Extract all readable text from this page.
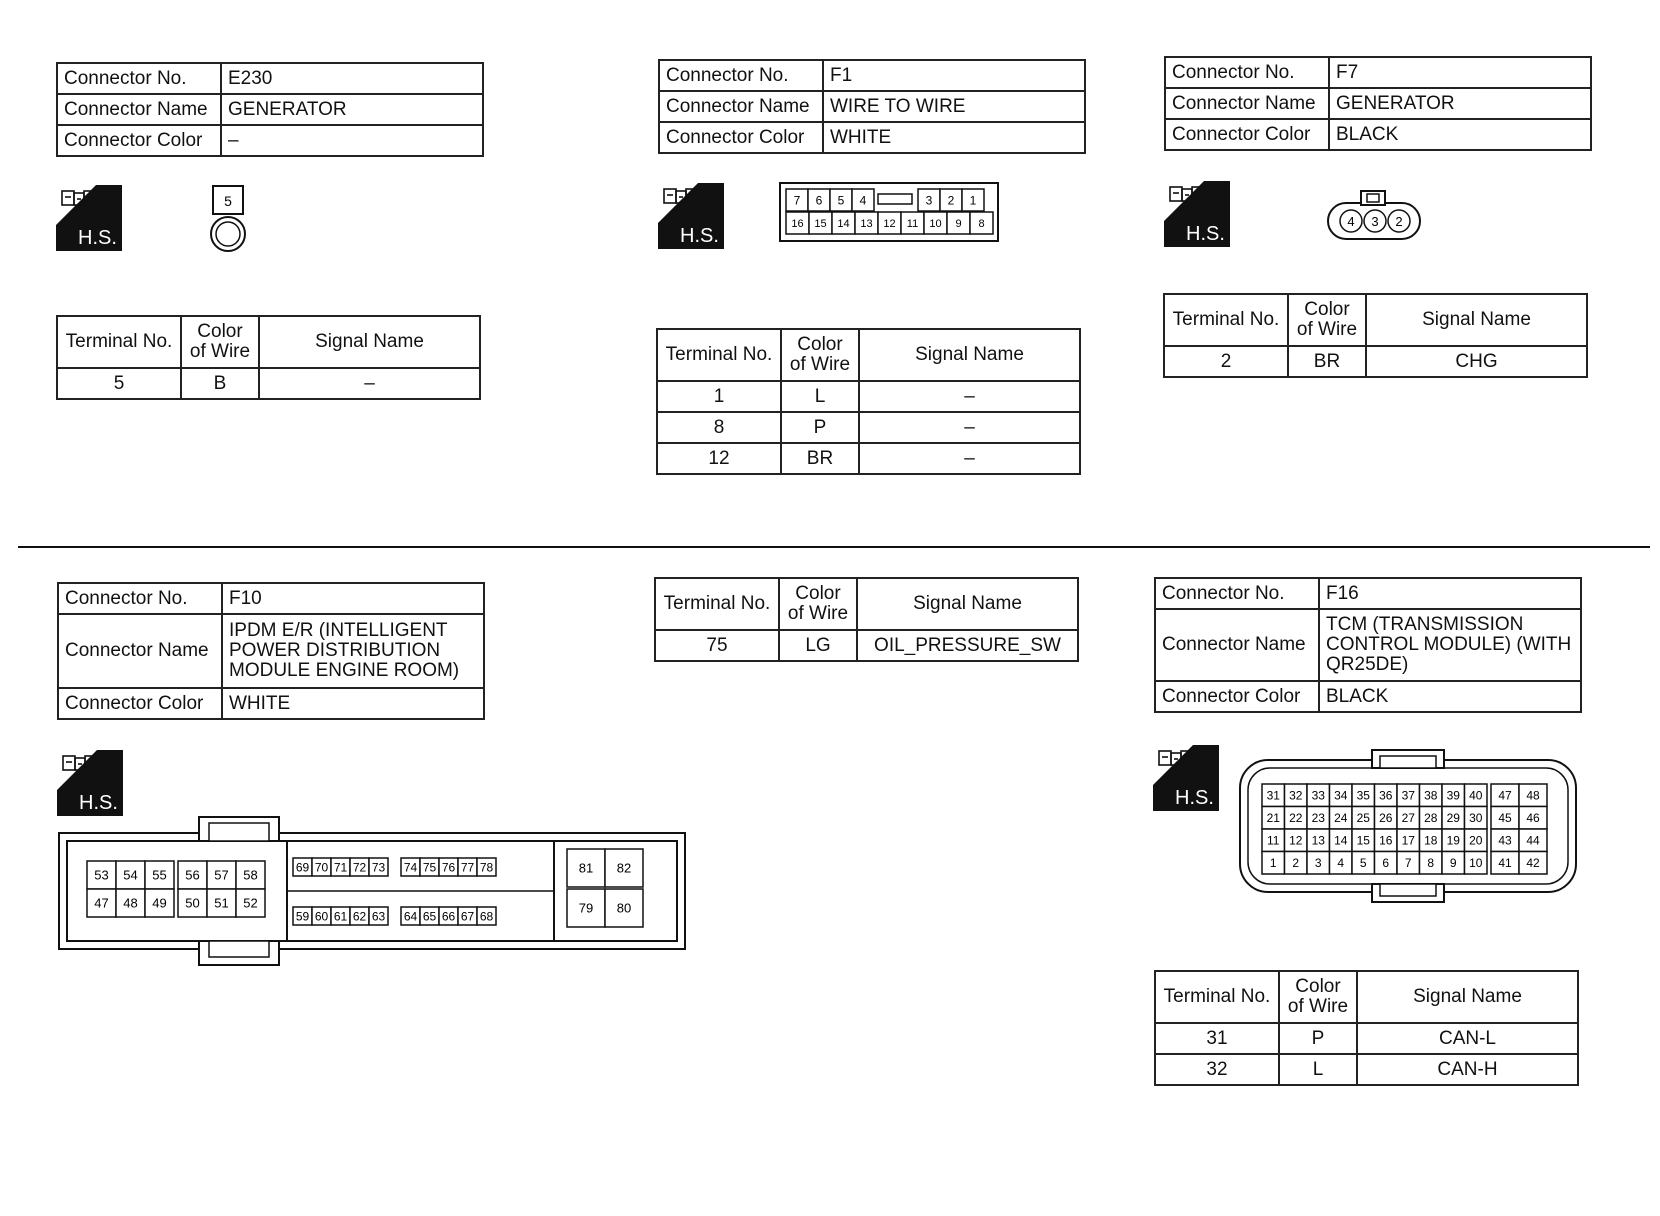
Connector No.	E230
Connector Name	GENERATOR
Connector Color	–
Connector No.	F1
Connector Name	WIRE TO WIRE
Connector Color	WHITE
Connector No.	F7
Connector Name	GENERATOR
Connector Color	BLACK
Connector No.	F10
Connector Name	IPDM E/R (INTELLIGENT POWER DISTRIBUTION MODULE ENGINE ROOM)
Connector Color	WHITE
Connector No.	F16
Connector Name	TCM (TRANSMISSION CONTROL MODULE) (WITH QR25DE)
Connector Color	BLACK
H.S.	H.S.	H.S.
H.S.	H.S.
5	7 6 5 4	3 2 1
16 15 14 13 12 11 10 9 8	4 3 2
53 54 55 56 57 58
47 48 49 50 51 52
69 70 71 72 73 74 75 76 77 78
59 60 61 62 63 64 65 66 67 68
81 82
79 80
31 32 33 34 35 36 37 38 39 40 47 48
21 22 23 24 25 26 27 28 29 30 45 46
11 12 13 14 15 16 17 18 19 20 43 44
1 2 3 4 5 6 7 8 9 10 41 42
Terminal No.	Color of Wire	Signal Name
5	B	–
Terminal No.	Color of Wire	Signal Name
1	L	–
8	P	–
12	BR	–
Terminal No.	Color of Wire	Signal Name
2	BR	CHG
Terminal No.	Color of Wire	Signal Name
75	LG	OIL_PRESSURE_SW
Terminal No.	Color of Wire	Signal Name
31	P	CAN-L
32	L	CAN-H
